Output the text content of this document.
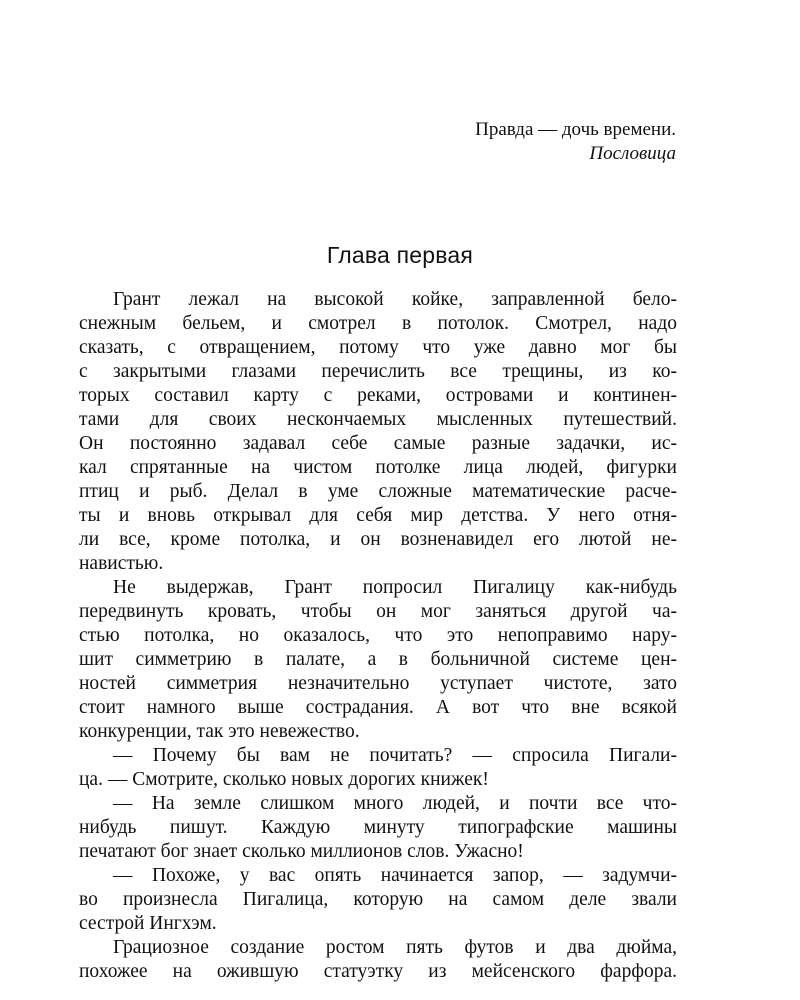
Правда — дочь времени.
Пословица
Глава первая
Грант лежал на высокой койке, заправленной бело-
снежным бельем, и смотрел в потолок. Смотрел, надо
сказать, с отвращением, потому что уже давно мог бы
с закрытыми глазами перечислить все трещины, из ко-
торых составил карту с реками, островами и континен-
тами для своих нескончаемых мысленных путешествий.
Он постоянно задавал себе самые разные задачки, ис-
кал спрятанные на чистом потолке лица людей, фигурки
птиц и рыб. Делал в уме сложные математические расче-
ты и вновь открывал для себя мир детства. У него отня-
ли все, кроме потолка, и он возненавидел его лютой не-
навистью.
Не выдержав, Грант попросил Пигалицу как-нибудь
передвинуть кровать, чтобы он мог заняться другой ча-
стью потолка, но оказалось, что это непоправимо нару-
шит симметрию в палате, а в больничной системе цен-
ностей симметрия незначительно уступает чистоте, зато
стоит намного выше сострадания. А вот что вне всякой
конкуренции, так это невежество.
— Почему бы вам не почитать? — спросила Пигали-
ца. — Смотрите, сколько новых дорогих книжек!
— На земле слишком много людей, и почти все что-
нибудь пишут. Каждую минуту типографские машины
печатают бог знает сколько миллионов слов. Ужасно!
— Похоже, у вас опять начинается запор, — задумчи-
во произнесла Пигалица, которую на самом деле звали
сестрой Ингхэм.
Грациозное создание ростом пять футов и два дюйма,
похожее на ожившую статуэтку из мейсенского фарфора.
